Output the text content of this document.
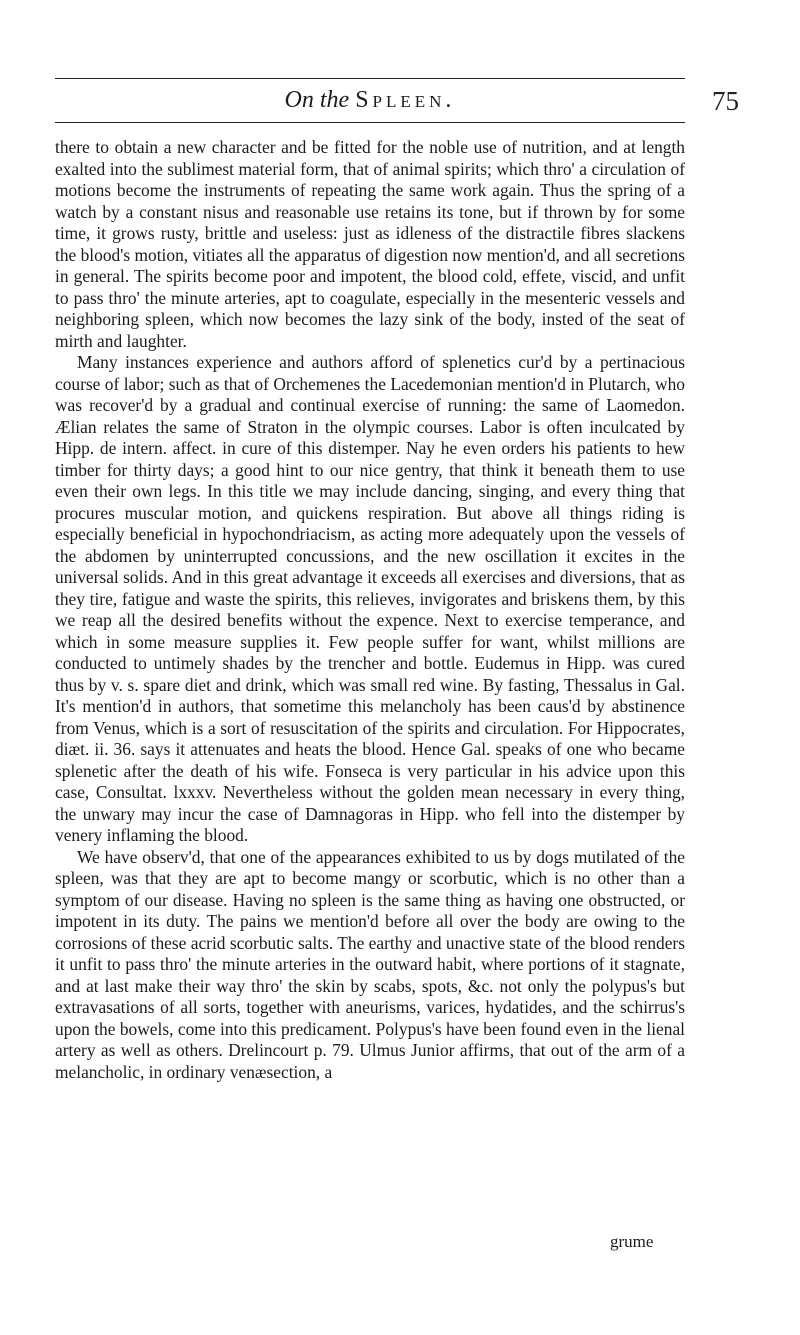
On the Spleen.	75

there to obtain a new character and be fitted for the noble use of nutrition, and at length exalted into the sublimest material form, that of animal spirits; which thro' a circulation of motions become the instruments of repeating the same work again. Thus the spring of a watch by a constant nisus and reasonable use retains its tone, but if thrown by for some time, it grows rusty, brittle and useless: just as idleness of the distractile fibres slackens the blood's motion, vitiates all the apparatus of digestion now mention'd, and all secretions in general. The spirits become poor and impotent, the blood cold, effete, viscid, and unfit to pass thro' the minute arteries, apt to coagulate, especially in the mesenteric vessels and neighboring spleen, which now becomes the lazy sink of the body, insted of the seat of mirth and laughter.

Many instances experience and authors afford of splenetics cur'd by a pertinacious course of labor; such as that of Orchemenes the Lacedemonian mention'd in Plutarch, who was recover'd by a gradual and continual exercise of running: the same of Laomedon. Ælian relates the same of Straton in the olympic courses. Labor is often inculcated by Hipp. de intern. affect. in cure of this distemper. Nay he even orders his patients to hew timber for thirty days; a good hint to our nice gentry, that think it beneath them to use even their own legs. In this title we may include dancing, singing, and every thing that procures muscular motion, and quickens respiration. But above all things riding is especially beneficial in hypochondriacism, as acting more adequately upon the vessels of the abdomen by uninterrupted concussions, and the new oscillation it excites in the universal solids. And in this great advantage it exceeds all exercises and diversions, that as they tire, fatigue and waste the spirits, this relieves, invigorates and briskens them, by this we reap all the desired benefits without the expence. Next to exercise temperance, and which in some measure supplies it. Few people suffer for want, whilst millions are conducted to untimely shades by the trencher and bottle. Eudemus in Hipp. was cured thus by v. s. spare diet and drink, which was small red wine. By fasting, Thessalus in Gal. It's mention'd in authors, that sometime this melancholy has been caus'd by abstinence from Venus, which is a sort of resuscitation of the spirits and circulation. For Hippocrates, diæt. ii. 36. says it attenuates and heats the blood. Hence Gal. speaks of one who became splenetic after the death of his wife. Fonseca is very particular in his advice upon this case, Consultat. lxxxv. Nevertheless without the golden mean necessary in every thing, the unwary may incur the case of Damnagoras in Hipp. who fell into the distemper by venery inflaming the blood.

We have observ'd, that one of the appearances exhibited to us by dogs mutilated of the spleen, was that they are apt to become mangy or scorbutic, which is no other than a symptom of our disease. Having no spleen is the same thing as having one obstructed, or impotent in its duty. The pains we mention'd before all over the body are owing to the corrosions of these acrid scorbutic salts. The earthy and unactive state of the blood renders it unfit to pass thro' the minute arteries in the outward habit, where portions of it stagnate, and at last make their way thro' the skin by scabs, spots, &c. not only the polypus's but extravasations of all sorts, together with aneurisms, varices, hydatides, and the schirrus's upon the bowels, come into this predicament. Polypus's have been found even in the lienal artery as well as others. Drelincourt p. 79. Ulmus Junior affirms, that out of the arm of a melancholic, in ordinary venæsection, a

grume
